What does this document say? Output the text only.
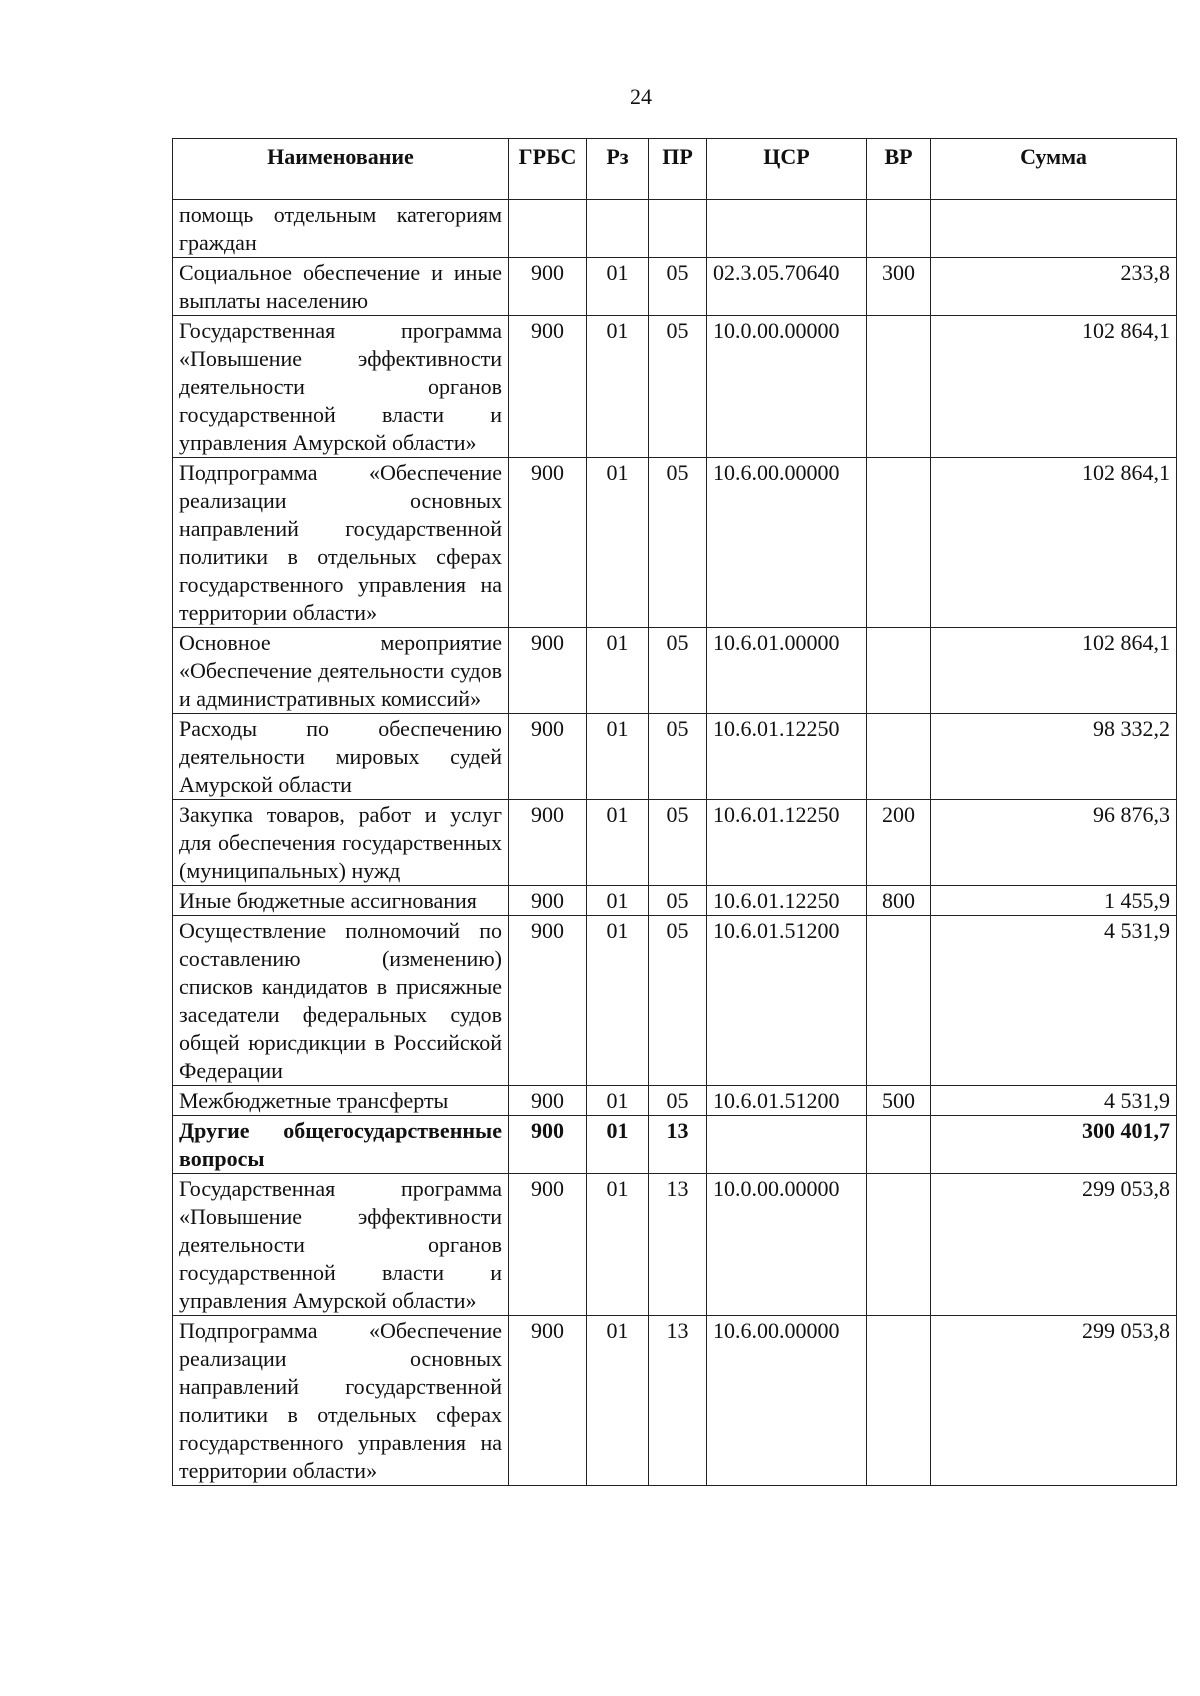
24
Наименование	ГРБС	Рз	ПР	ЦСР	ВР	Сумма
помощь отдельным категориям граждан						
Социальное обеспечение и иные выплаты населению	900	01	05	02.3.05.70640	300	233,8
Государственная программа «Повышение эффективности деятельности органов государственной власти и управления Амурской области»	900	01	05	10.0.00.00000		102 864,1
Подпрограмма «Обеспечение реализации основных направлений государственной политики в отдельных сферах государственного управления на территории области»	900	01	05	10.6.00.00000		102 864,1
Основное мероприятие «Обеспечение деятельности судов и административных комиссий»	900	01	05	10.6.01.00000		102 864,1
Расходы по обеспечению деятельности мировых судей Амурской области	900	01	05	10.6.01.12250		98 332,2
Закупка товаров, работ и услуг для обеспечения государственных (муниципальных) нужд	900	01	05	10.6.01.12250	200	96 876,3
Иные бюджетные ассигнования	900	01	05	10.6.01.12250	800	1 455,9
Осуществление полномочий по составлению (изменению) списков кандидатов в присяжные заседатели федеральных судов общей юрисдикции в Российской Федерации	900	01	05	10.6.01.51200		4 531,9
Межбюджетные трансферты	900	01	05	10.6.01.51200	500	4 531,9
Другие общегосударственные вопросы	900	01	13			300 401,7
Государственная программа «Повышение эффективности деятельности органов государственной власти и управления Амурской области»	900	01	13	10.0.00.00000		299 053,8
Подпрограмма «Обеспечение реализации основных направлений государственной политики в отдельных сферах государственного управления на территории области»	900	01	13	10.6.00.00000		299 053,8
